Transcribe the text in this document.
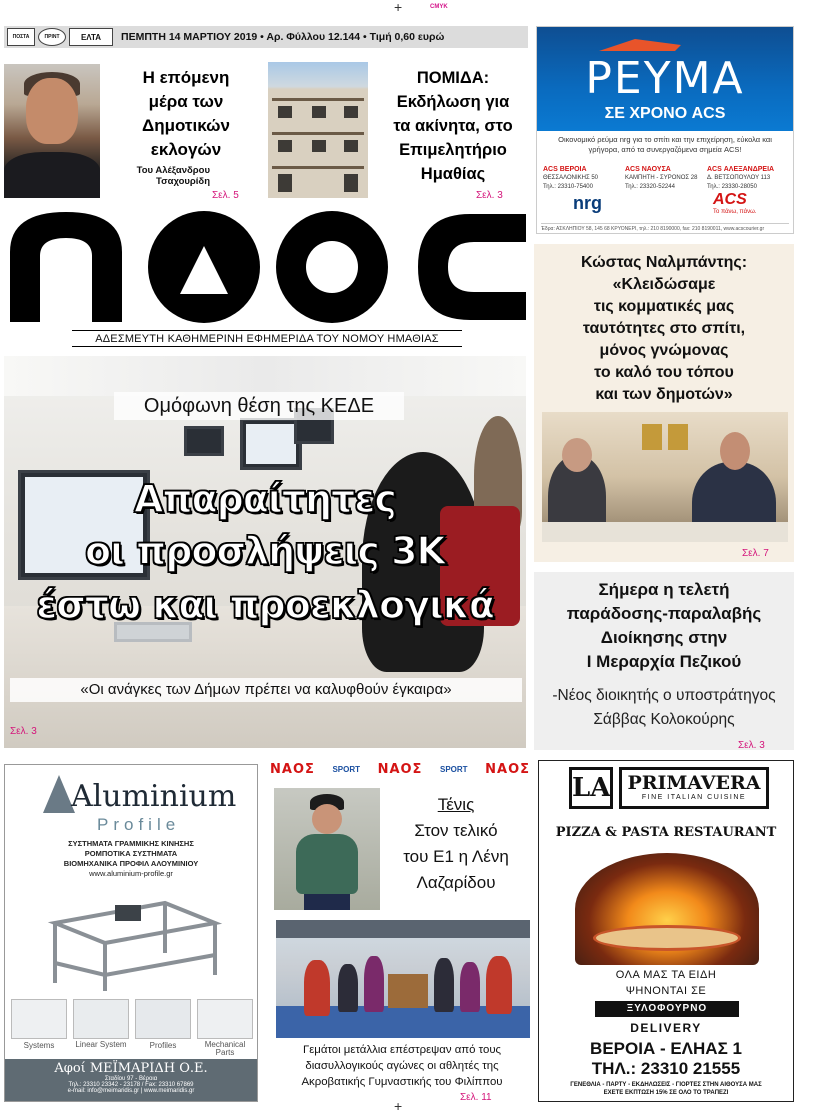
+	CMYK
+
ΠΟΣΤΑ	ΠΡΙΝΤ	ΕΛΤΑ	ΠΕΜΠΤΗ 14 ΜΑΡΤΙΟΥ 2019 • Αρ. Φύλλου 12.144 • Τιμή 0,60 ευρώ
Η επόμενη
μέρα των
Δημοτικών
εκλογών
Του Αλέξανδρου
Τσαχουρίδη
Σελ. 5
ΠΟΜΙΔΑ:
Εκδήλωση για
τα ακίνητα, στο
Επιμελητήριο
Ημαθίας
Σελ. 3
ΑΔΕΣΜΕΥΤΗ ΚΑΘΗΜΕΡΙΝΗ ΕΦΗΜΕΡΙΔΑ ΤΟΥ ΝΟΜΟΥ ΗΜΑΘΙΑΣ
Ομόφωνη θέση της ΚΕΔΕ
Απαραίτητες
οι προσλήψεις 3Κ
έστω και προεκλογικά
«Οι ανάγκες των Δήμων πρέπει να καλυφθούν έγκαιρα»
Σελ. 3
ΡΕΥΜΑ
ΣΕ ΧΡΟΝΟ ACS
Οικονομικό ρεύμα nrg για το σπίτι και την επιχείρηση, εύκολα και γρήγορα, από τα συνεργαζόμενα σημεία ACS!
ACS ΒΕΡΟΙΑ
ΘΕΣΣΑΛΟΝΙΚΗΣ 50
Τηλ.: 23310-75400
ACS ΝΑΟΥΣΑ
ΚΑΜΠΗΤΗ - ΣΥΡΟΝΟΣ 28
Τηλ.: 23320-52244
ACS ΑΛΕΞΑΝΔΡΕΙΑ
Δ. ΒΕΤΣΟΠΟΥΛΟΥ 113
Τηλ.: 23330-28050
nrg	ACS
Το πάνω, πάνω.
Έδρα: ΑΣΚΛΗΠΙΟΥ 58, 145 68 ΚΡΥΟΝΕΡΙ, τηλ.: 210 8190000, fax: 210 8190011, www.acscourier.gr
Κώστας Ναλμπάντης:
«Κλειδώσαμε
τις κομματικές μας
ταυτότητες στο σπίτι,
μόνος γνώμονας
το καλό του τόπου
και των δημοτών»
Σελ. 7
Σήμερα η τελετή
παράδοσης-παραλαβής
Διοίκησης στην
Ι Μεραρχία Πεζικού
-Νέος διοικητής ο υποστράτηγος
Σάββας Κολοκούρης
Σελ. 3
Aluminium
Profile
ΣΥΣΤΗΜΑΤΑ ΓΡΑΜΜΙΚΗΣ ΚΙΝΗΣΗΣ
ΡΟΜΠΟΤΙΚΑ ΣΥΣΤΗΜΑΤΑ
ΒΙΟΜΗΧΑΝΙΚΑ ΠΡΟΦΙΛ ΑΛΟΥΜΙΝΙΟΥ
www.aluminium-profile.gr
Systems	Linear System	Profiles	Mechanical Parts
Αφοί ΜΕΪΜΑΡΙΔΗ Ο.Ε.
Σταδίου 97 - Βέροια
Τηλ.: 23310 23342 - 23178 / Fax: 23310 67869
e-mail: info@meimaridis.gr | www.meimaridis.gr
ΝΑΟΣ SPORT ΝΑΟΣ SPORT ΝΑΟΣ
Τένις
Στον τελικό
του Ε1 η Λένη
Λαζαρίδου
Γεμάτοι μετάλλια επέστρεψαν από τους
διασυλλογικούς αγώνες οι αθλητές της
Ακροβατικής Γυμναστικής του Φιλίππου
Σελ. 11
LA PRIMAVERA
FINE ITALIAN CUISINE
PIZZA & PASTA RESTAURANT
ΟΛΑ ΜΑΣ ΤΑ ΕΙΔΗ
ΨΗΝΟΝΤΑΙ ΣΕ
ΞΥΛΟΦΟΥΡΝΟ
DELIVERY
ΒΕΡΟΙΑ - ΕΛΗΑΣ 1
ΤΗΛ.: 23310 21555
ΓΕΝΕΘΛΙΑ - ΠΑΡΤΥ - ΕΚΔΗΛΩΣΕΙΣ - ΓΙΟΡΤΕΣ ΣΤΗΝ ΑΙΘΟΥΣΑ ΜΑΣ
ΕΧΕΤΕ ΕΚΠΤΩΣΗ 15% ΣΕ ΟΛΟ ΤΟ ΤΡΑΠΕΖΙ
